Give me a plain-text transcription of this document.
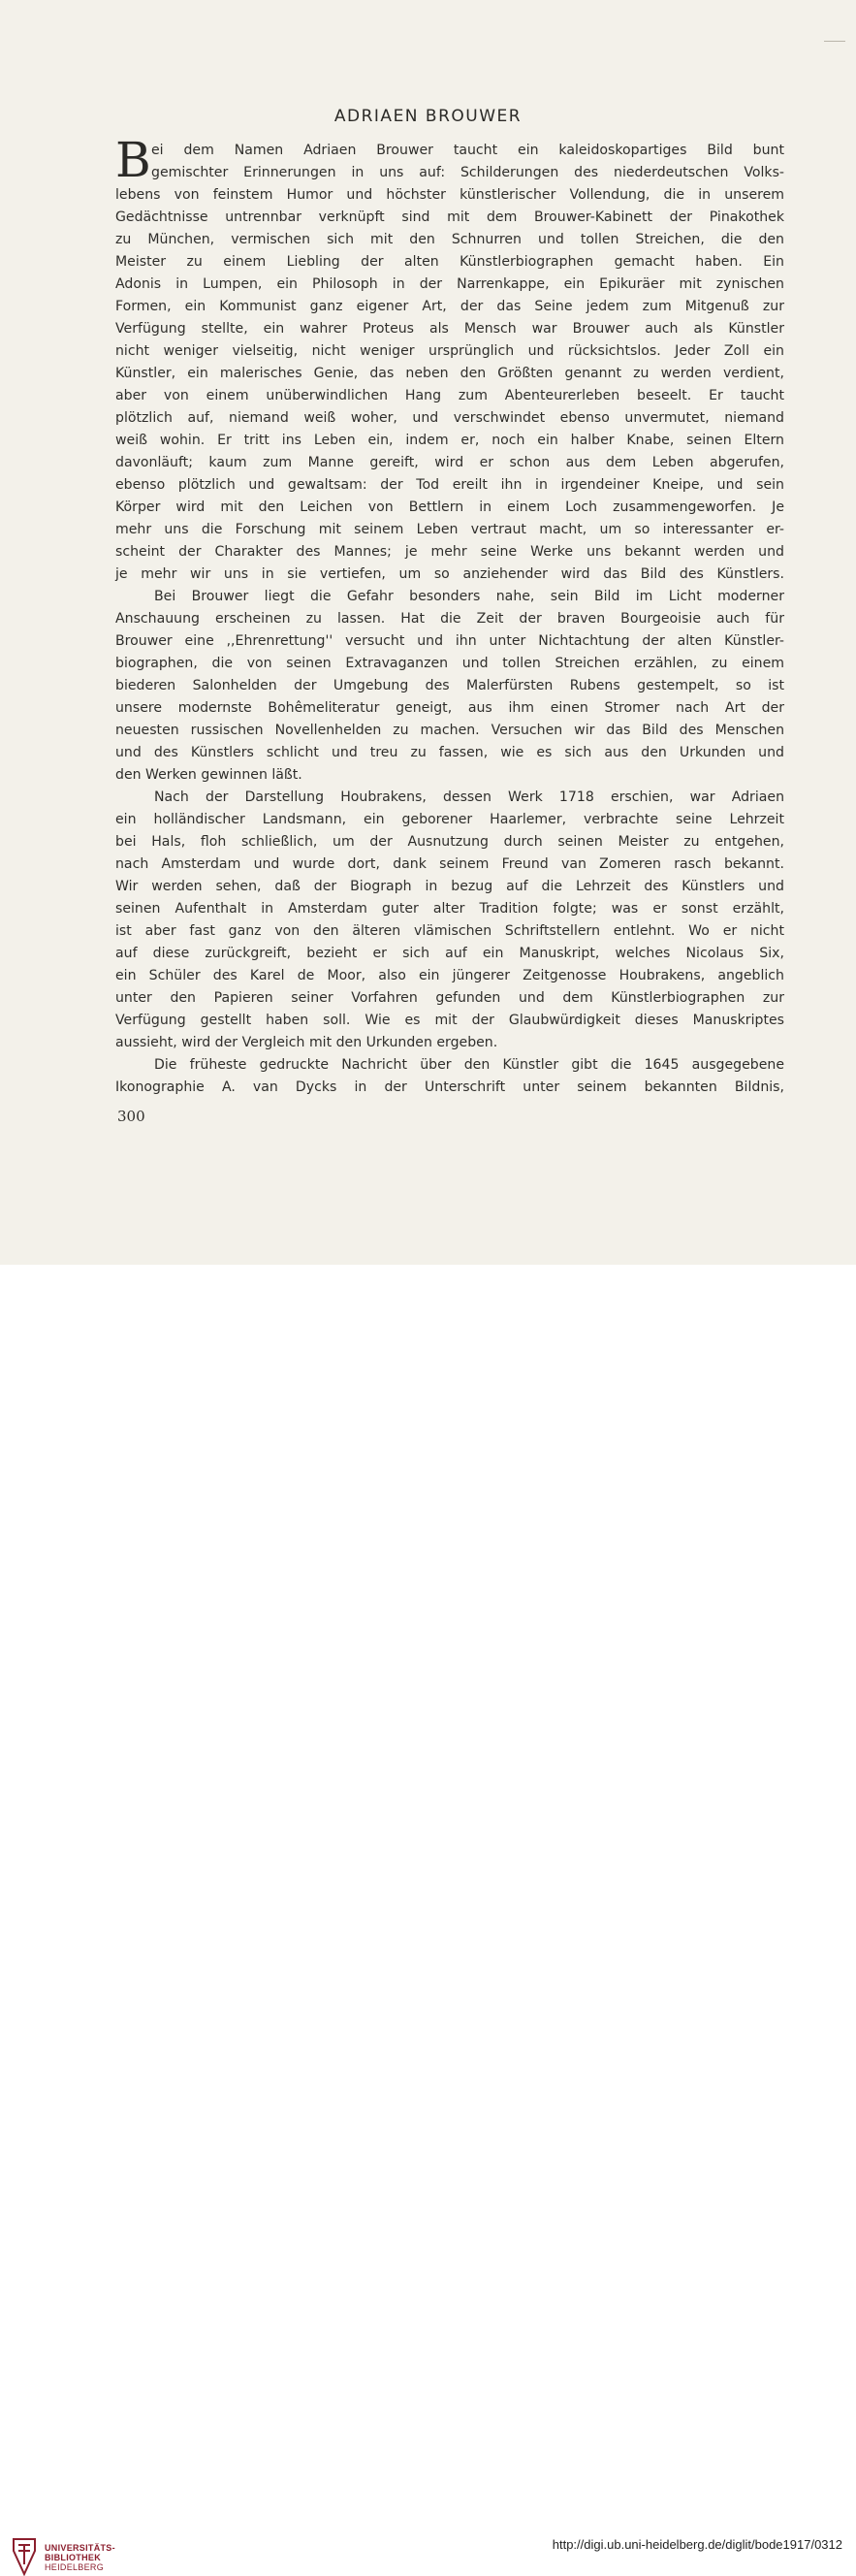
ADRIAEN BROUWER
B ei dem Namen Adriaen Brouwer taucht ein kaleidoskopartiges Bild bunt
gemischter Erinnerungen in uns auf: Schilderungen des niederdeutschen Volks-
lebens von feinstem Humor und höchster künstlerischer Vollendung, die in unserem
Gedächtnisse untrennbar verknüpft sind mit dem Brouwer-Kabinett der Pinakothek
zu München, vermischen sich mit den Schnurren und tollen Streichen, die den
Meister zu einem Liebling der alten Künstlerbiographen gemacht haben. Ein
Adonis in Lumpen, ein Philosoph in der Narrenkappe, ein Epikuräer mit zynischen
Formen, ein Kommunist ganz eigener Art, der das Seine jedem zum Mitgenuß zur
Verfügung stellte, ein wahrer Proteus als Mensch war Brouwer auch als Künstler
nicht weniger vielseitig, nicht weniger ursprünglich und rücksichtslos. Jeder Zoll ein
Künstler, ein malerisches Genie, das neben den Größten genannt zu werden verdient,
aber von einem unüberwindlichen Hang zum Abenteurerleben beseelt. Er taucht
plötzlich auf, niemand weiß woher, und verschwindet ebenso unvermutet, niemand
weiß wohin. Er tritt ins Leben ein, indem er, noch ein halber Knabe, seinen Eltern
davonläuft; kaum zum Manne gereift, wird er schon aus dem Leben abgerufen,
ebenso plötzlich und gewaltsam: der Tod ereilt ihn in irgendeiner Kneipe, und sein
Körper wird mit den Leichen von Bettlern in einem Loch zusammengeworfen. Je
mehr uns die Forschung mit seinem Leben vertraut macht, um so interessanter er-
scheint der Charakter des Mannes; je mehr seine Werke uns bekannt werden und
je mehr wir uns in sie vertiefen, um so anziehender wird das Bild des Künstlers.
Bei Brouwer liegt die Gefahr besonders nahe, sein Bild im Licht moderner
Anschauung erscheinen zu lassen. Hat die Zeit der braven Bourgeoisie auch für
Brouwer eine ,,Ehrenrettung'' versucht und ihn unter Nichtachtung der alten Künstler-
biographen, die von seinen Extravaganzen und tollen Streichen erzählen, zu einem
biederen Salonhelden der Umgebung des Malerfürsten Rubens gestempelt, so ist
unsere modernste Bohêmeliteratur geneigt, aus ihm einen Stromer nach Art der
neuesten russischen Novellenhelden zu machen. Versuchen wir das Bild des Menschen
und des Künstlers schlicht und treu zu fassen, wie es sich aus den Urkunden und
den Werken gewinnen läßt.
Nach der Darstellung Houbrakens, dessen Werk 1718 erschien, war Adriaen
ein holländischer Landsmann, ein geborener Haarlemer, verbrachte seine Lehrzeit
bei Hals, floh schließlich, um der Ausnutzung durch seinen Meister zu entgehen,
nach Amsterdam und wurde dort, dank seinem Freund van Zomeren rasch bekannt.
Wir werden sehen, daß der Biograph in bezug auf die Lehrzeit des Künstlers und
seinen Aufenthalt in Amsterdam guter alter Tradition folgte; was er sonst erzählt,
ist aber fast ganz von den älteren vlämischen Schriftstellern entlehnt. Wo er nicht
auf diese zurückgreift, bezieht er sich auf ein Manuskript, welches Nicolaus Six,
ein Schüler des Karel de Moor, also ein jüngerer Zeitgenosse Houbrakens, angeblich
unter den Papieren seiner Vorfahren gefunden und dem Künstlerbiographen zur
Verfügung gestellt haben soll. Wie es mit der Glaubwürdigkeit dieses Manuskriptes
aussieht, wird der Vergleich mit den Urkunden ergeben.
Die früheste gedruckte Nachricht über den Künstler gibt die 1645 ausgegebene
Ikonographie A. van Dycks in der Unterschrift unter seinem bekannten Bildnis,
300
UNIVERSITÄTS-
BIBLIOTHEK
HEIDELBERG
http://digi.ub.uni-heidelberg.de/diglit/bode1917/0312
